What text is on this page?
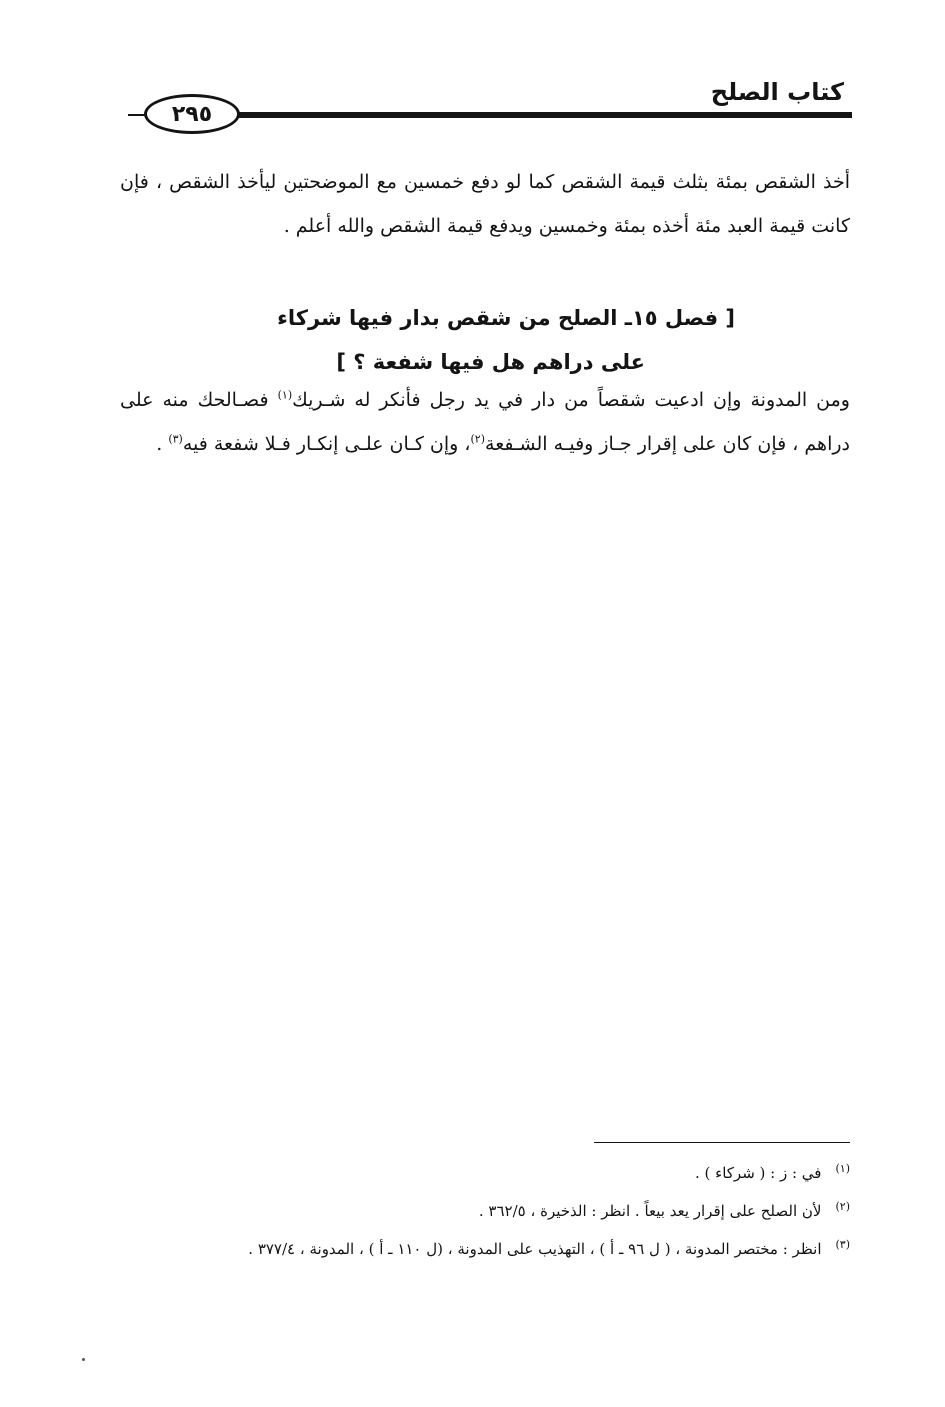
٢٩٥
كتاب الصلح

أخذ الشقص بمئة بثلث قيمة الشقص كما لو دفع خمسين مع الموضحتين ليأخذ الشقص ، فإن كانت قيمة العبد مئة أخذه بمئة وخمسين ويدفع قيمة الشقص والله أعلم .

[ فصل ١٥ـ الصلح من شقص بدار فيها شركاء
على دراهم هل فيها شفعة ؟ ]

ومن المدونة وإن ادعيت شقصاً من دار في يد رجل فأنكر له شـريك$^{(١)}$ فصـالحك منه على دراهم ، فإن كان على إقرار جـاز وفيـه الشـفعة$^{(٢)}$، وإن كـان علـى إنكـار فـلا شفعة فيه$^{(٣)}$ .

(١)
في : ز : ( شركاء ) .
(٢)
لأن الصلح على إقرار يعد بيعاً . انظر : الذخيرة ، ٣٦٢/٥ .
(٣)
انظر : مختصر المدونة ، ( ل ٩٦ ـ أ ) ، التهذيب على المدونة ، (ل ١١٠ ـ أ ) ، المدونة ، ٣٧٧/٤ .
